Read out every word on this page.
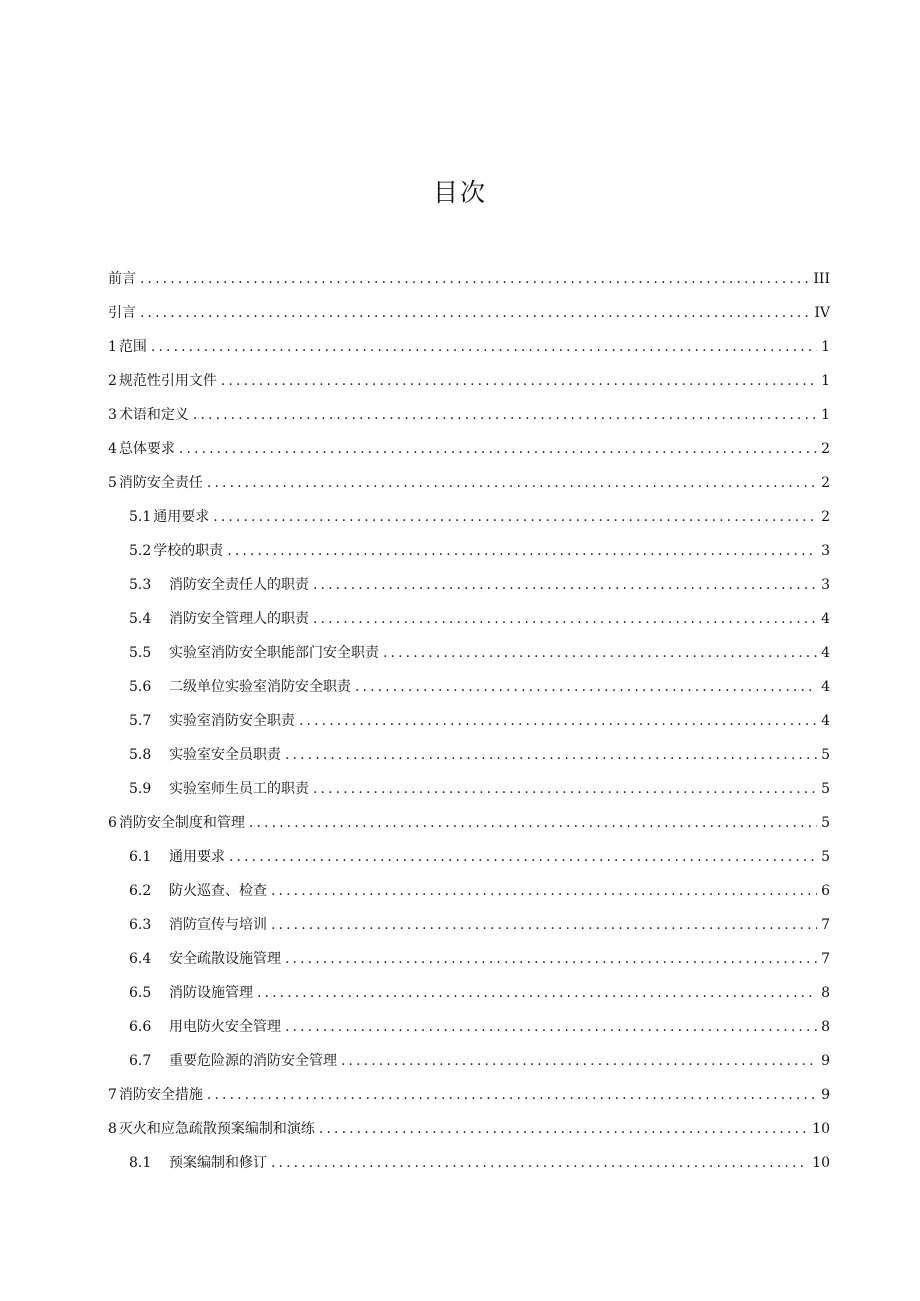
目次
前言 .....	III
引言 .....	IV
1 范围 .....	1
2 规范性引用文件 .....	1
3 术语和定义 .....	1
4 总体要求 .....	2
5 消防安全责任 .....	2
5.1 通用要求 .....	2
5.2 学校的职责 .....	3
5.3	消防安全责任人的职责 .....	3
5.4	消防安全管理人的职责 .....	4
5.5	实验室消防安全职能部门安全职责 .....	4
5.6	二级单位实验室消防安全职责 .....	4
5.7	实验室消防安全职责 .....	4
5.8	实验室安全员职责 .....	5
5.9	实验室师生员工的职责 .....	5
6 消防安全制度和管理 .....	5
6.1	通用要求 .....	5
6.2	防火巡查、检查 .....	6
6.3	消防宣传与培训 .....	7
6.4	安全疏散设施管理 .....	7
6.5	消防设施管理 .....	8
6.6	用电防火安全管理 .....	8
6.7	重要危险源的消防安全管理 .....	9
7 消防安全措施 .....	9
8 灭火和应急疏散预案编制和演练 .....	10
8.1	预案编制和修订 .....	10
